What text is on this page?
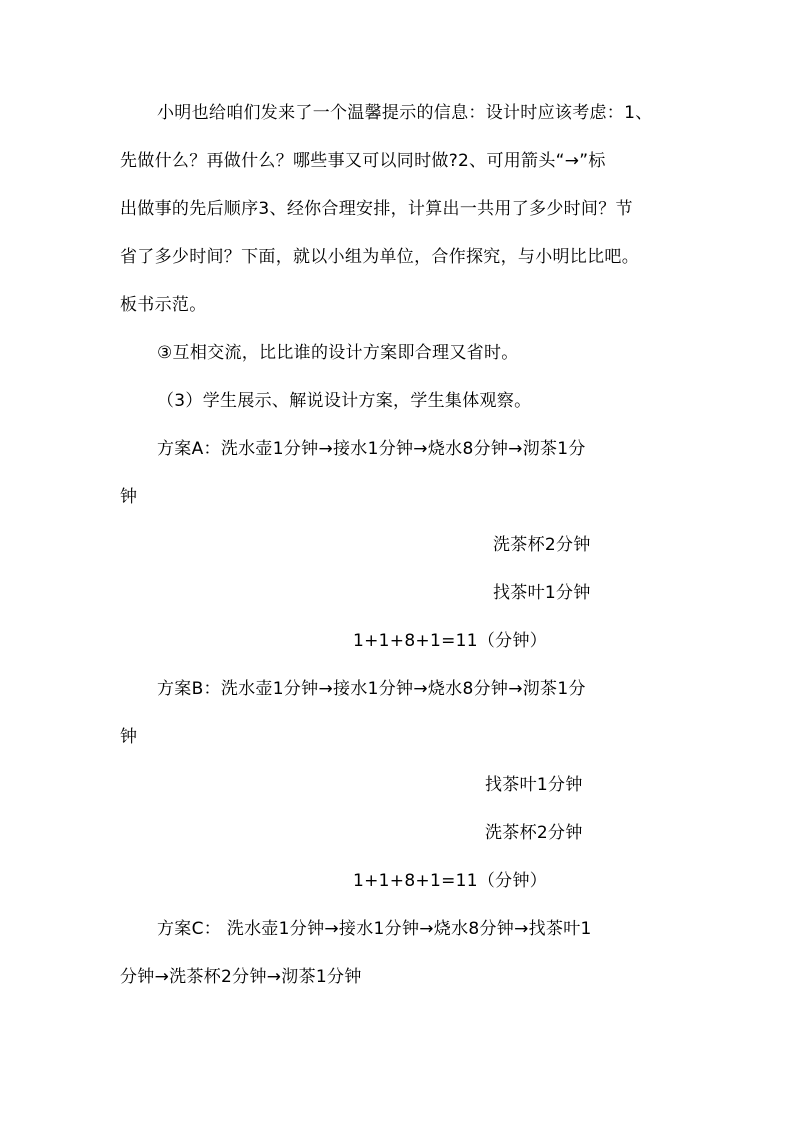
小明也给咱们发来了一个温馨提示的信息：设计时应该考虑：1、
先做什么？再做什么？哪些事又可以同时做?2、可用箭头“→”标
出做事的先后顺序3、经你合理安排，计算出一共用了多少时间？节
省了多少时间？下面，就以小组为单位，合作探究，与小明比比吧。
板书示范。
③互相交流，比比谁的设计方案即合理又省时。
（3）学生展示、解说设计方案，学生集体观察。
方案A：洗水壶1分钟→接水1分钟→烧水8分钟→沏茶1分
钟
洗茶杯2分钟
找茶叶1分钟
1+1+8+1=11（分钟）
方案B：洗水壶1分钟→接水1分钟→烧水8分钟→沏茶1分
钟
找茶叶1分钟
洗茶杯2分钟
1+1+8+1=11（分钟）
方案C： 洗水壶1分钟→接水1分钟→烧水8分钟→找茶叶1
分钟→洗茶杯2分钟→沏茶1分钟
